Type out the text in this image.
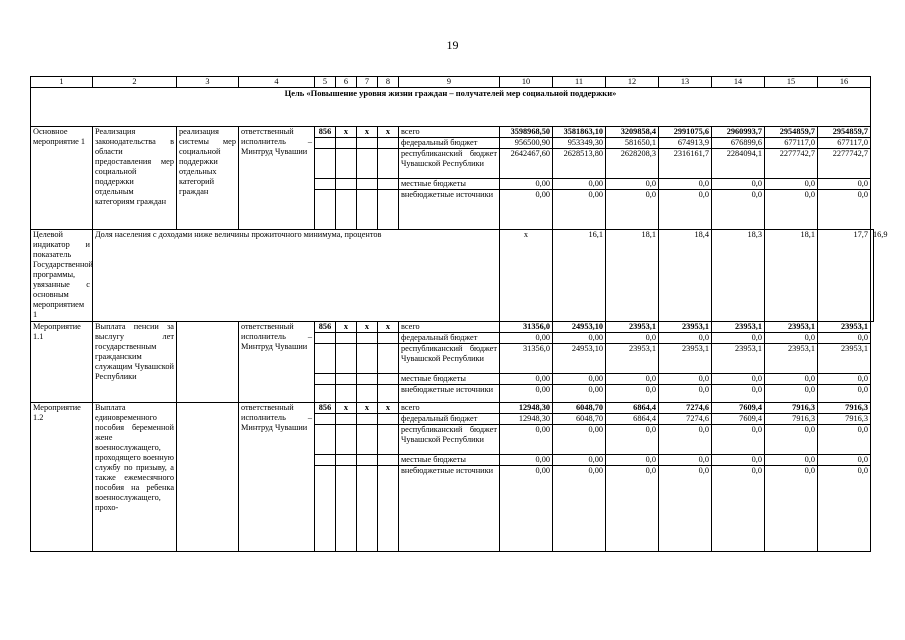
19
1	2	3	4	5	6	7	8	9	10	11	12	13	14	15	16	
Цель «Повышение уровня жизни граждан – получателей мер социальной поддержки»																
Основное мероприятие 1	Реализация законодательства в области предоставления мер социальной поддержки отдельным категориям граждан	реализация системы мер социальной поддержки отдельных категорий граждан	ответственный исполнитель – Минтруд Чувашии	856	x	x	x	всего	3598968,50	3581863,10	3209858,4	2991075,6	2960993,7	2954859,7	2954859,7	
								федеральный бюджет	956500,90	953349,30	581650,1	674913,9	676899,6	677117,0	677117,0	
								республиканский бюджет Чувашской Республики	2642467,60	2628513,80	2628208,3	2316161,7	2284094,1	2277742,7	2277742,7	
								местные бюджеты	0,00	0,00	0,0	0,0	0,0	0,0	0,0	
								внебюджетные источники	0,00	0,00	0,0	0,0	0,0	0,0	0,0	
Целевой индикатор и показатель Государственной программы, увязанные с основным мероприятием 1	Доля населения с доходами ниже величины прожиточного минимума, процентов								x	16,1	18,1	18,4	18,3	18,1	17,7	16,9
Мероприятие 1.1	Выплата пенсии за выслугу лет государственным гражданским служащим Чувашской Республики		ответственный исполнитель – Минтруд Чувашии	856	x	x	x	всего	31356,0	24953,10	23953,1	23953,1	23953,1	23953,1	23953,1	
								федеральный бюджет	0,00	0,00	0,0	0,0	0,0	0,0	0,0	
								республиканский бюджет Чувашской Республики	31356,0	24953,10	23953,1	23953,1	23953,1	23953,1	23953,1	
								местные бюджеты	0,00	0,00	0,0	0,0	0,0	0,0	0,0	
								внебюджетные источники	0,00	0,00	0,0	0,0	0,0	0,0	0,0	
Мероприятие 1.2	Выплата единовременного пособия беременной жене военнослужащего, проходящего военную службу по призыву, а также ежемесячного пособия на ребенка военнослужащего, прохо-		ответственный исполнитель – Минтруд Чувашии	856	x	x	x	всего	12948,30	6048,70	6864,4	7274,6	7609,4	7916,3	7916,3	
								федеральный бюджет	12948,30	6048,70	6864,4	7274,6	7609,4	7916,3	7916,3	
								республиканский бюджет Чувашской Республики	0,00	0,00	0,0	0,0	0,0	0,0	0,0	
								местные бюджеты	0,00	0,00	0,0	0,0	0,0	0,0	0,0	
								внебюджетные источники	0,00	0,00	0,0	0,0	0,0	0,0	0,0	
